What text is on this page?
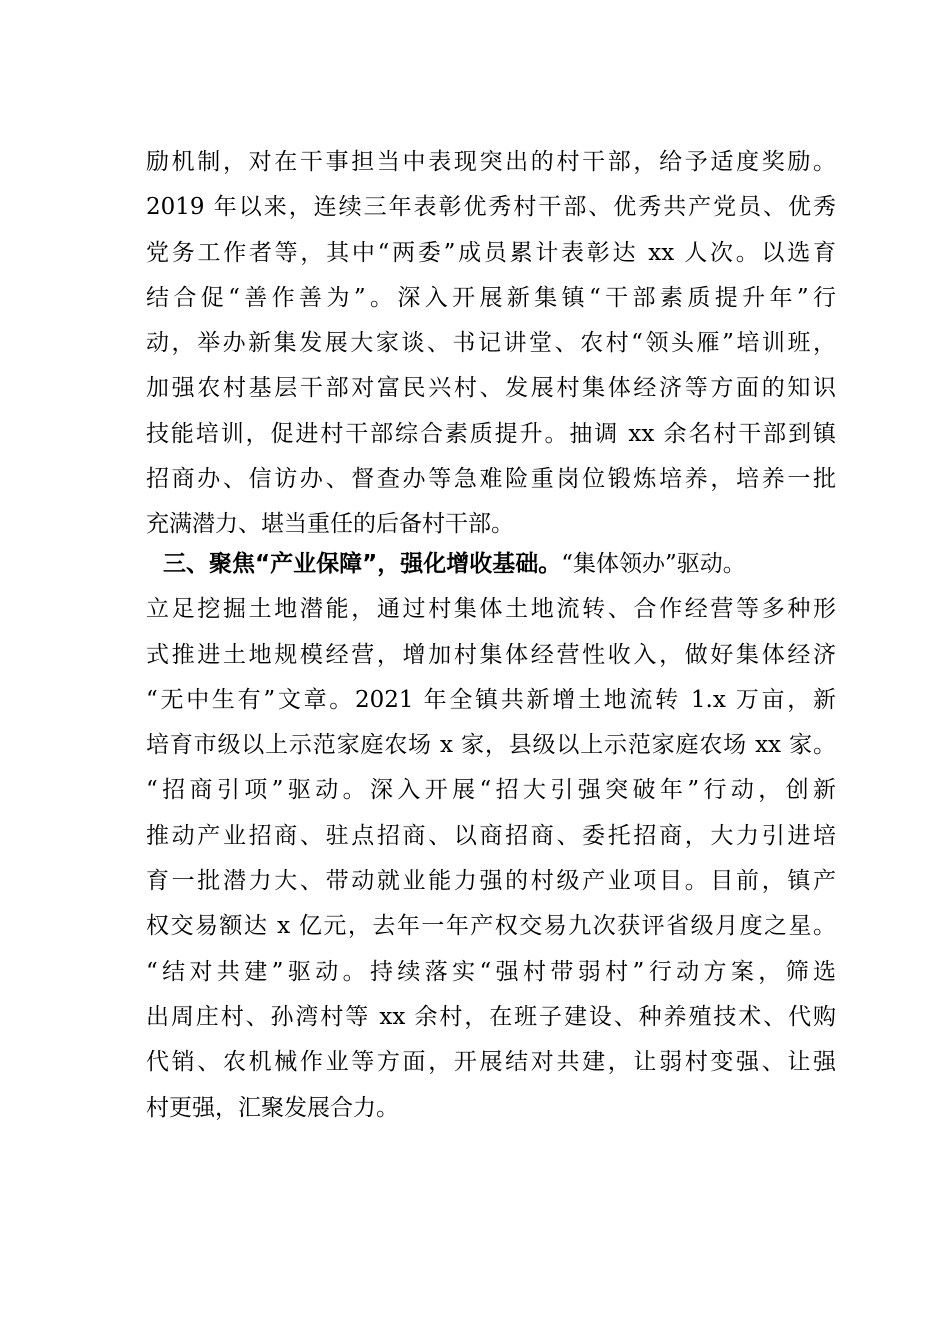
励机制，对在干事担当中表现突出的村干部，给予适度奖励。
2019 年以来，连续三年表彰优秀村干部、优秀共产党员、优秀
党务工作者等，其中“两委”成员累计表彰达 xx 人次。以选育
结合促“善作善为”。深入开展新集镇“干部素质提升年”行
动，举办新集发展大家谈、书记讲堂、农村“领头雁”培训班，
加强农村基层干部对富民兴村、发展村集体经济等方面的知识
技能培训，促进村干部综合素质提升。抽调 xx 余名村干部到镇
招商办、信访办、督查办等急难险重岗位锻炼培养，培养一批
充满潜力、堪当重任的后备村干部。
三、聚焦“产业保障”，强化增收基础。“集体领办”驱动。
立足挖掘土地潜能，通过村集体土地流转、合作经营等多种形
式推进土地规模经营，增加村集体经营性收入，做好集体经济
“无中生有”文章。2021 年全镇共新增土地流转 1.x 万亩，新
培育市级以上示范家庭农场 x 家，县级以上示范家庭农场 xx 家。
“招商引项”驱动。深入开展“招大引强突破年”行动，创新
推动产业招商、驻点招商、以商招商、委托招商，大力引进培
育一批潜力大、带动就业能力强的村级产业项目。目前，镇产
权交易额达 x 亿元，去年一年产权交易九次获评省级月度之星。
“结对共建”驱动。持续落实“强村带弱村”行动方案，筛选
出周庄村、孙湾村等 xx 余村，在班子建设、种养殖技术、代购
代销、农机械作业等方面，开展结对共建，让弱村变强、让强
村更强，汇聚发展合力。
